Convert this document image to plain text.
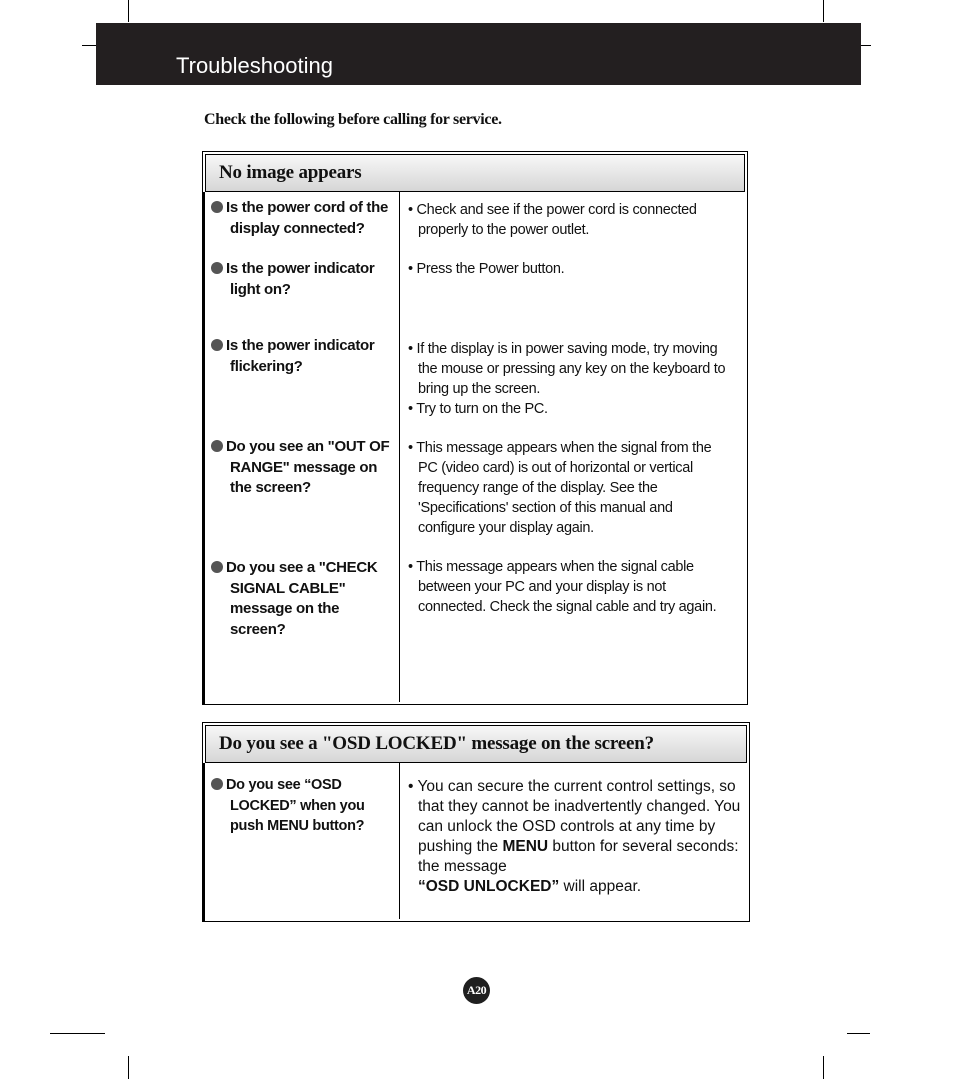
Troubleshooting
Check the following before calling for service.
No image appears
Is the power cord of the
display connected?
• Check and see if the power cord is connected properly to the power outlet.
Is the power indicator
light on?
• Press the Power button.
Is the power indicator
flickering?
• If the display is in power saving mode, try moving the mouse or pressing any key on the keyboard to bring up the screen.
• Try to turn on the PC.
Do you see an "OUT OF
RANGE" message on the screen?
• This message appears when the signal from the PC (video card) is out of horizontal or vertical frequency range of the display. See the 'Specifications' section of this manual and configure your display again.
Do you see a "CHECK
SIGNAL CABLE" message on the screen?
• This message appears when the signal cable between your PC and your display is not connected. Check the signal cable and try again.
Do you see a "OSD LOCKED" message on the screen?
Do you see “OSD
LOCKED” when you push MENU button?
• You can secure the current control settings, so that they cannot be inadvertently changed. You can unlock the OSD controls at any time by pushing the MENU button for several seconds: the message
“OSD UNLOCKED” will appear.
A20
